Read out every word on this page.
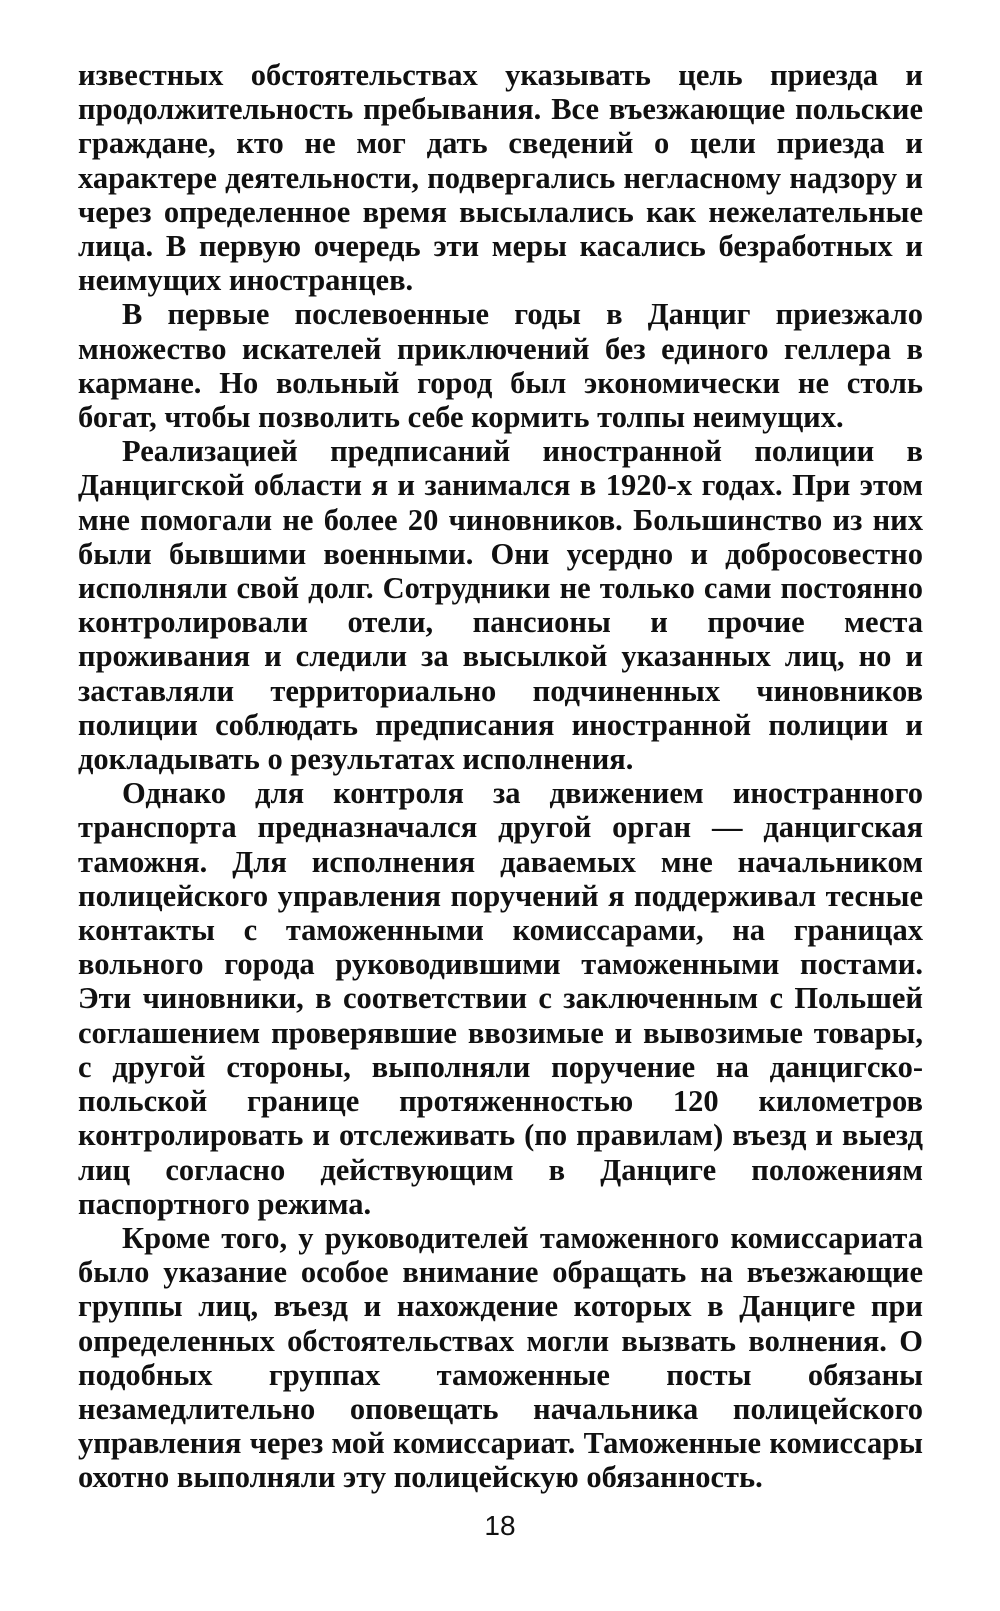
известных обстоятельствах указывать цель приезда и продолжительность пребывания. Все въезжающие польские граждане, кто не мог дать сведений о цели приезда и характере деятельности, подвергались негласному надзору и через определенное время высылались как нежелательные лица. В первую очередь эти меры касались безработных и неимущих иностранцев.

В первые послевоенные годы в Данциг приезжало множество искателей приключений без единого геллера в кармане. Но вольный город был экономически не столь богат, чтобы позволить себе кормить толпы неимущих.

Реализацией предписаний иностранной полиции в Данцигской области я и занимался в 1920-х годах. При этом мне помогали не более 20 чиновников. Большинство из них были бывшими военными. Они усердно и добросовестно исполняли свой долг. Сотрудники не только сами постоянно контролировали отели, пансионы и прочие места проживания и следили за высылкой указанных лиц, но и заставляли территориально подчиненных чиновников полиции соблюдать предписания иностранной полиции и докладывать о результатах исполнения.

Однако для контроля за движением иностранного транспорта предназначался другой орган — данцигская таможня. Для исполнения даваемых мне начальником полицейского управления поручений я поддерживал тесные контакты с таможенными комиссарами, на границах вольного города руководившими таможенными постами. Эти чиновники, в соответствии с заключенным с Польшей соглашением проверявшие ввозимые и вывозимые товары, с другой стороны, выполняли поручение на данцигско-польской границе протяженностью 120 километров контролировать и отслеживать (по правилам) въезд и выезд лиц согласно действующим в Данциге положениям паспортного режима.

Кроме того, у руководителей таможенного комиссариата было указание особое внимание обращать на въезжающие группы лиц, въезд и нахождение которых в Данциге при определенных обстоятельствах могли вызвать волнения. О подобных группах таможенные посты обязаны незамедлительно оповещать начальника полицейского управления через мой комиссариат. Таможенные комиссары охотно выполняли эту полицейскую обязанность.

18
